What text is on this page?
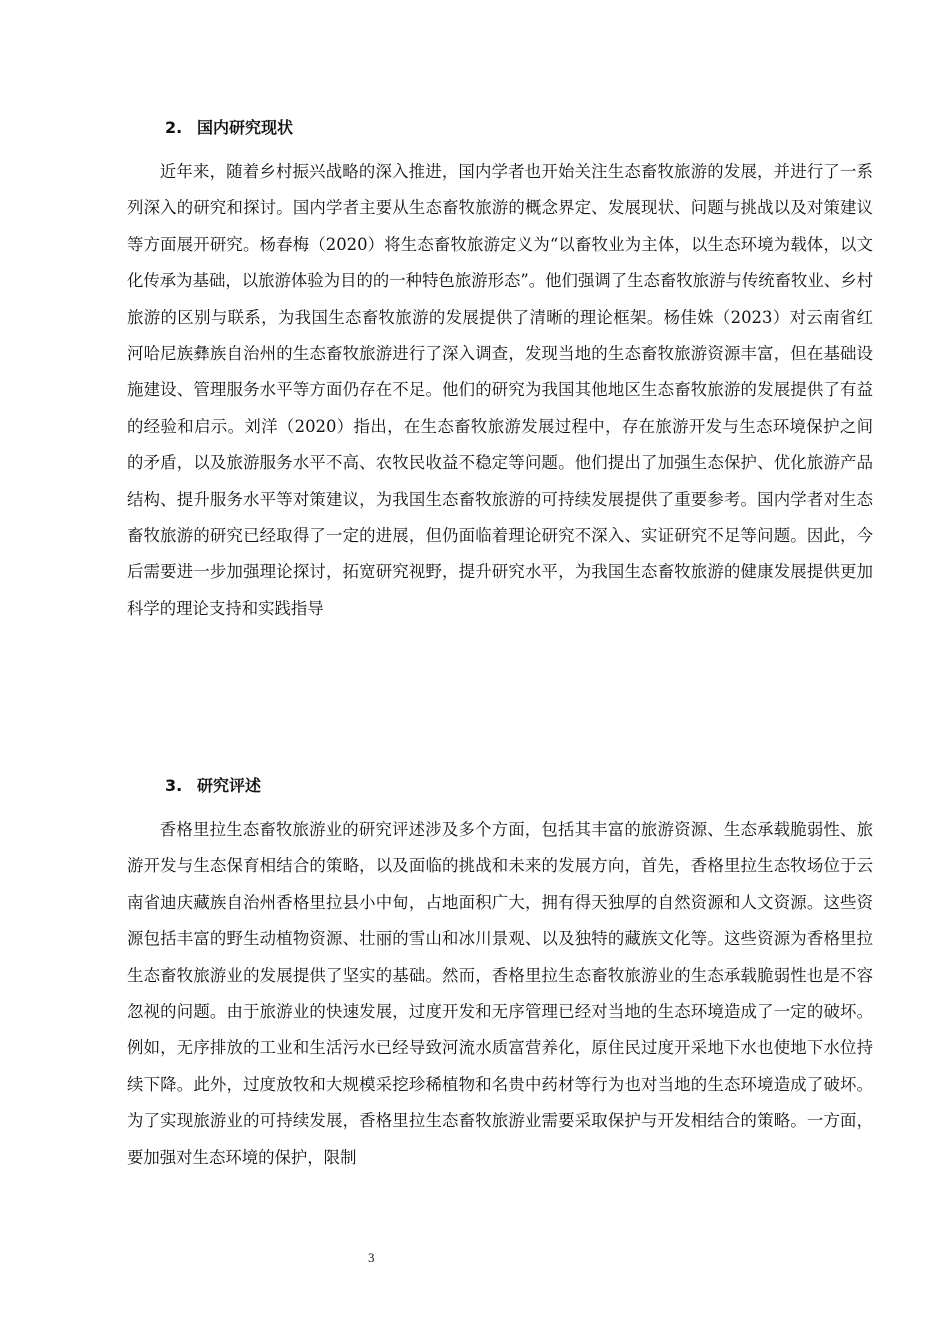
2. 国内研究现状

近年来，随着乡村振兴战略的深入推进，国内学者也开始关注生态畜牧旅游的发展，并进行了一系列深入的研究和探讨。国内学者主要从生态畜牧旅游的概念界定、发展现状、问题与挑战以及对策建议等方面展开研究。杨春梅（2020）将生态畜牧旅游定义为“以畜牧业为主体，以生态环境为载体，以文化传承为基础，以旅游体验为目的的一种特色旅游形态”。他们强调了生态畜牧旅游与传统畜牧业、乡村旅游的区别与联系，为我国生态畜牧旅游的发展提供了清晰的理论框架。杨佳姝（2023）对云南省红河哈尼族彝族自治州的生态畜牧旅游进行了深入调查，发现当地的生态畜牧旅游资源丰富，但在基础设施建设、管理服务水平等方面仍存在不足。他们的研究为我国其他地区生态畜牧旅游的发展提供了有益的经验和启示。刘洋（2020）指出，在生态畜牧旅游发展过程中，存在旅游开发与生态环境保护之间的矛盾，以及旅游服务水平不高、农牧民收益不稳定等问题。他们提出了加强生态保护、优化旅游产品结构、提升服务水平等对策建议，为我国生态畜牧旅游的可持续发展提供了重要参考。国内学者对生态畜牧旅游的研究已经取得了一定的进展，但仍面临着理论研究不深入、实证研究不足等问题。因此，今后需要进一步加强理论探讨，拓宽研究视野，提升研究水平，为我国生态畜牧旅游的健康发展提供更加科学的理论支持和实践指导

3. 研究评述

香格里拉生态畜牧旅游业的研究评述涉及多个方面，包括其丰富的旅游资源、生态承载脆弱性、旅游开发与生态保育相结合的策略，以及面临的挑战和未来的发展方向，首先，香格里拉生态牧场位于云南省迪庆藏族自治州香格里拉县小中甸，占地面积广大，拥有得天独厚的自然资源和人文资源。这些资源包括丰富的野生动植物资源、壮丽的雪山和冰川景观、以及独特的藏族文化等。这些资源为香格里拉生态畜牧旅游业的发展提供了坚实的基础。然而，香格里拉生态畜牧旅游业的生态承载脆弱性也是不容忽视的问题。由于旅游业的快速发展，过度开发和无序管理已经对当地的生态环境造成了一定的破坏。例如，无序排放的工业和生活污水已经导致河流水质富营养化，原住民过度开采地下水也使地下水位持续下降。此外，过度放牧和大规模采挖珍稀植物和名贵中药材等行为也对当地的生态环境造成了破坏。为了实现旅游业的可持续发展，香格里拉生态畜牧旅游业需要采取保护与开发相结合的策略。一方面，要加强对生态环境的保护，限制

3
